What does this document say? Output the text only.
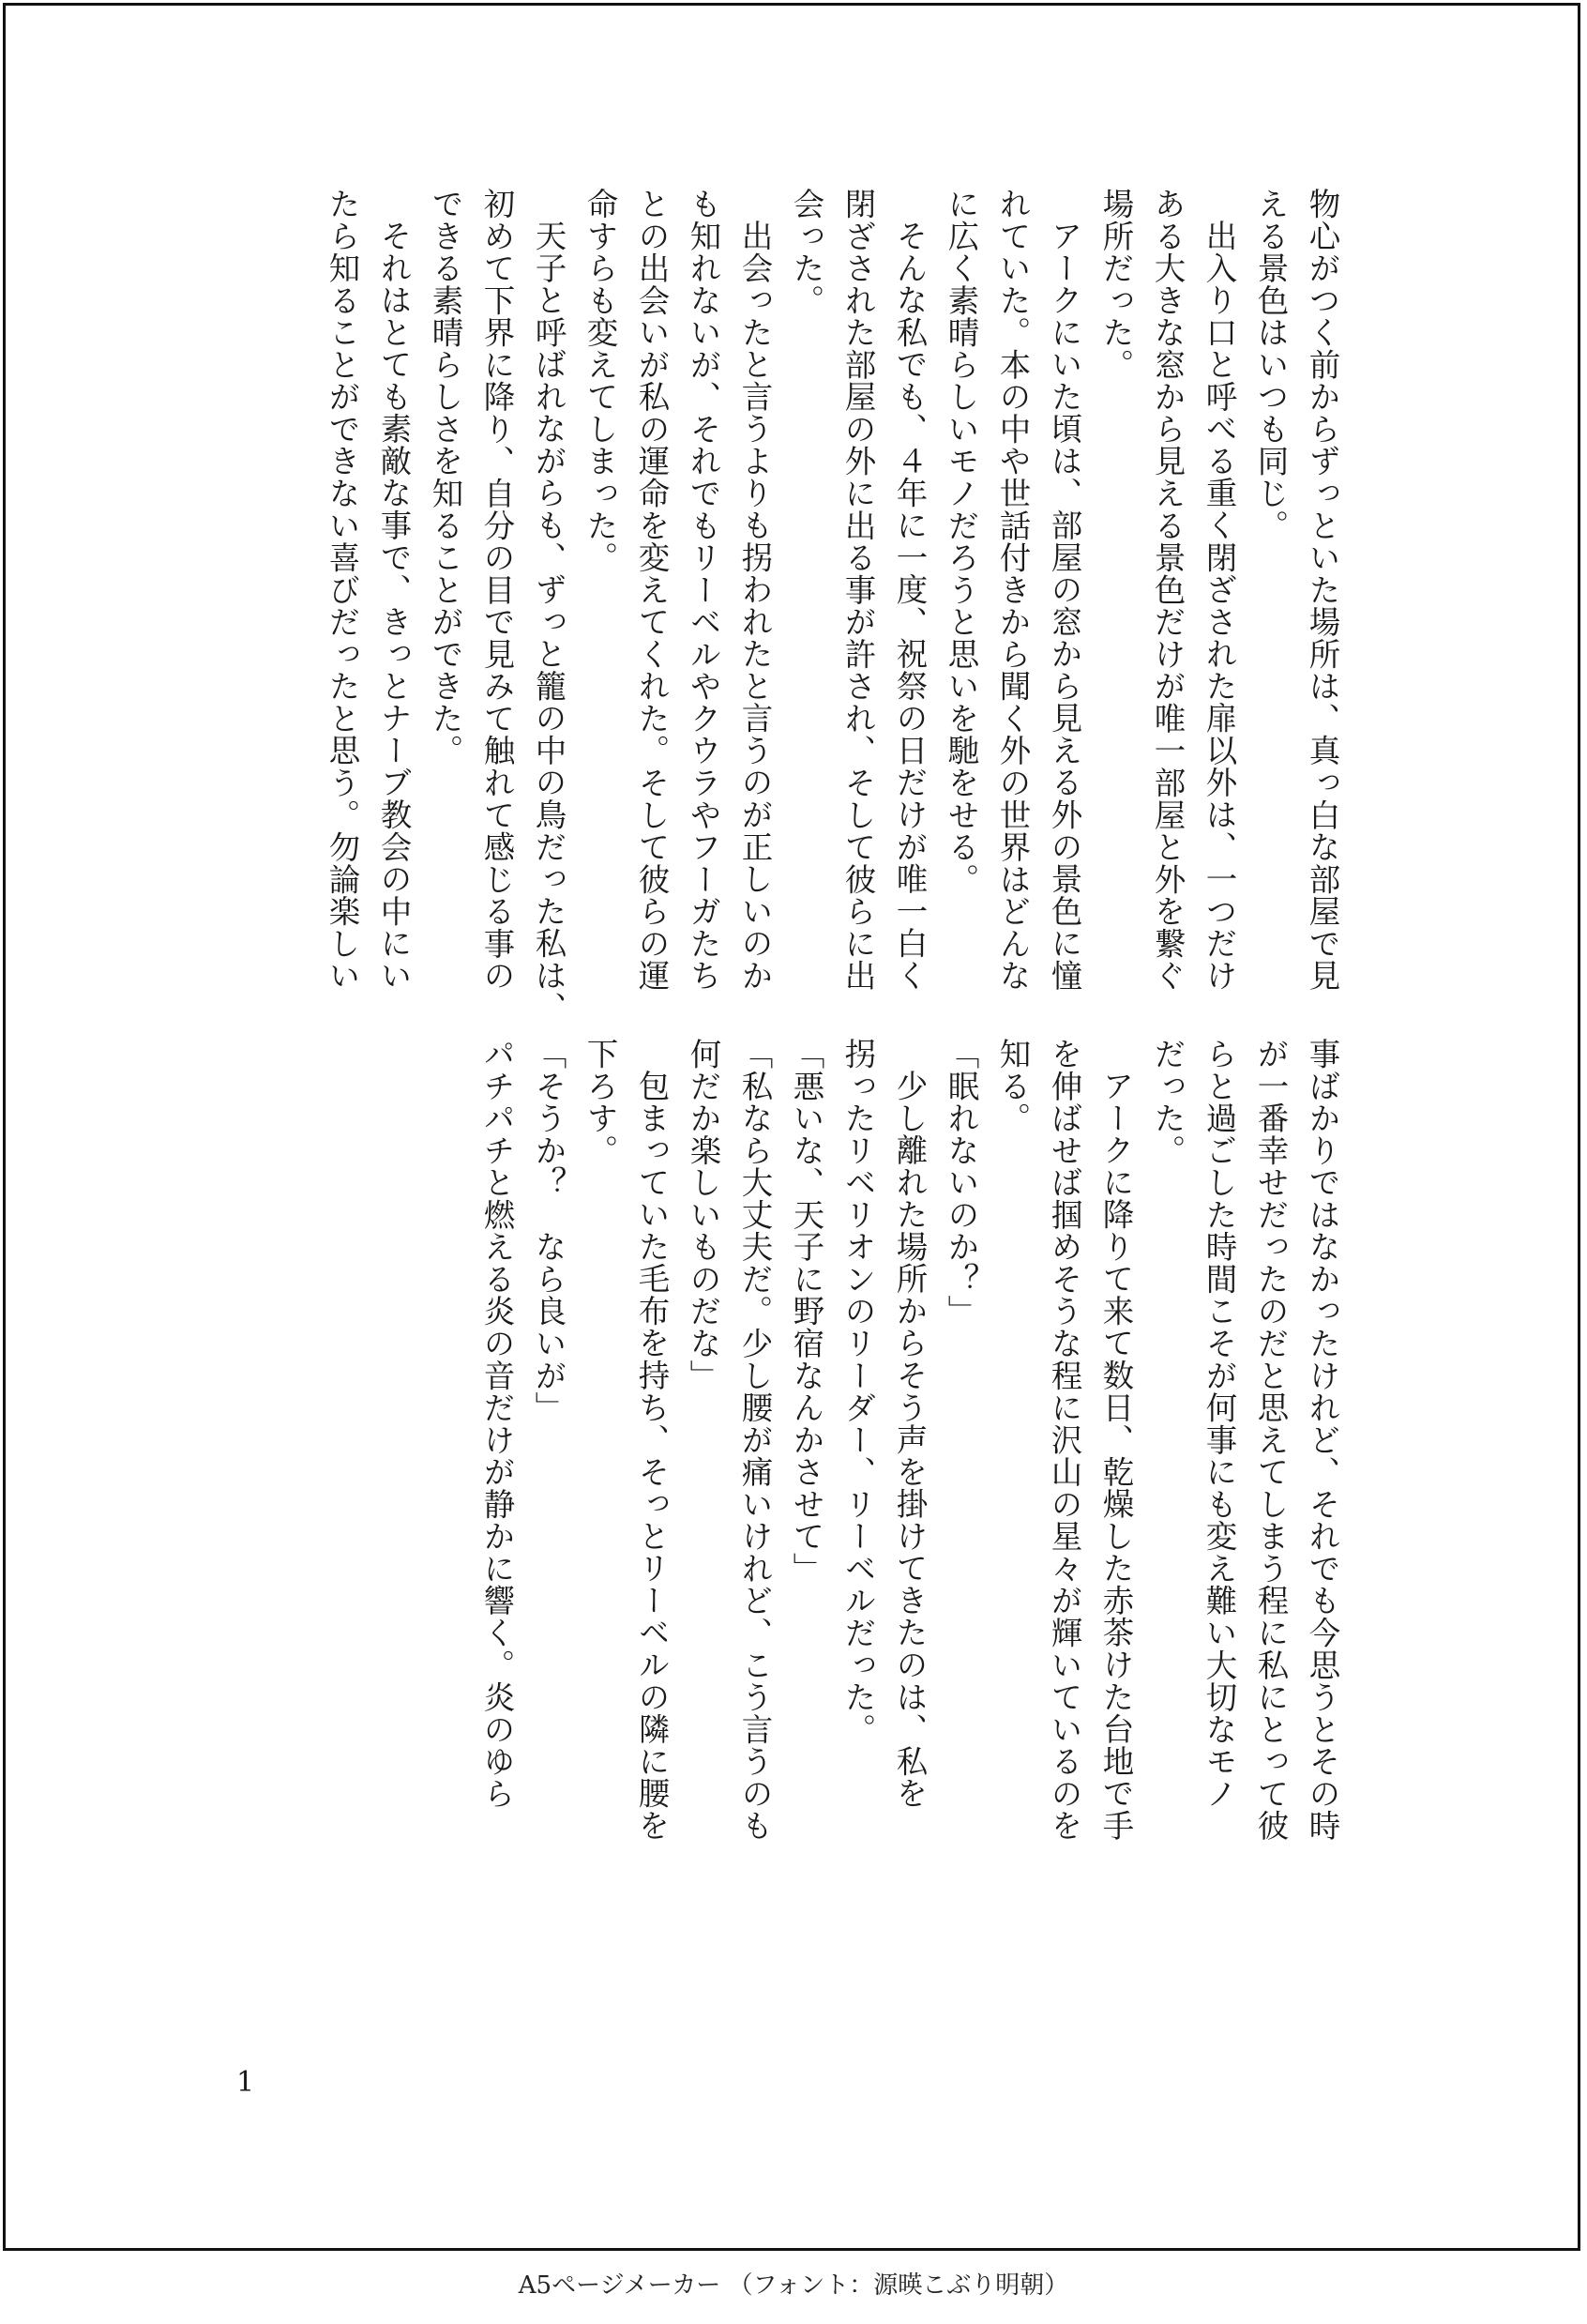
物心がつく前からずっといた場所は、真っ白な部屋で見

える景色はいつも同じ。

出入り口と呼べる重く閉ざされた扉以外は、一つだけ

ある大きな窓から見える景色だけが唯一部屋と外を繋ぐ

場所だった。

アークにいた頃は、部屋の窓から見える外の景色に憧

れていた。本の中や世話付きから聞く外の世界はどんな

に広く素晴らしいモノだろうと思いを馳をせる。

そんな私でも、４年に一度、祝祭の日だけが唯一白く

閉ざされた部屋の外に出る事が許され、そして彼らに出

会った。

出会ったと言うよりも拐われたと言うのが正しいのか

も知れないが、それでもリーベルやクウラやフーガたち

との出会いが私の運命を変えてくれた。そして彼らの運

命すらも変えてしまった。

天子と呼ばれながらも、ずっと籠の中の鳥だった私は、

初めて下界に降り、自分の目で見みて触れて感じる事の

できる素晴らしさを知ることができた。

それはとても素敵な事で、きっとナーブ教会の中にい

たら知ることができない喜びだったと思う。勿論楽しい

事ばかりではなかったけれど、それでも今思うとその時

が一番幸せだったのだと思えてしまう程に私にとって彼

らと過ごした時間こそが何事にも変え難い大切なモノ

だった。

アークに降りて来て数日、乾燥した赤茶けた台地で手

を伸ばせば掴めそうな程に沢山の星々が輝いているのを

知る。

「眠れないのか？」

少し離れた場所からそう声を掛けてきたのは、私を

拐ったリベリオンのリーダー、リーベルだった。

「悪いな、天子に野宿なんかさせて」

「私なら大丈夫だ。少し腰が痛いけれど、こう言うのも

何だか楽しいものだな」

包まっていた毛布を持ち、そっとリーベルの隣に腰を

下ろす。

「そうか？　なら良いが」

パチパチと燃える炎の音だけが静かに響く。炎のゆら

1
A5ページメーカー （フォント：源暎こぶり明朝）
